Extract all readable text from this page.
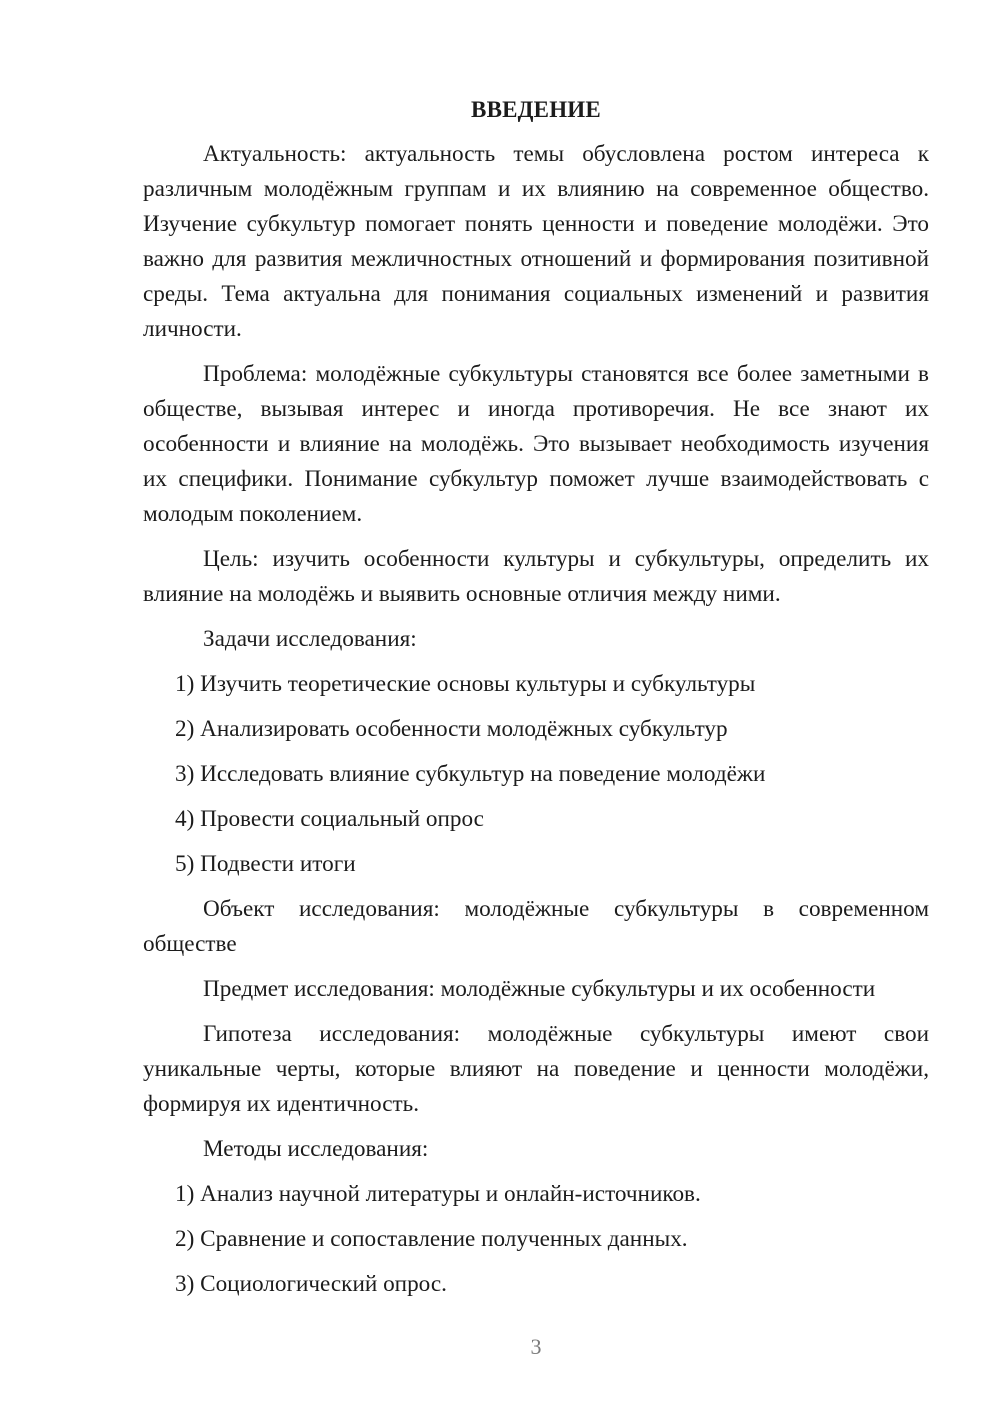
ВВЕДЕНИЕ
Актуальность: актуальность темы обусловлена ростом интереса к различным молодёжным группам и их влиянию на современное общество. Изучение субкультур помогает понять ценности и поведение молодёжи. Это важно для развития межличностных отношений и формирования позитивной среды. Тема актуальна для понимания социальных изменений и развития личности.
Проблема: молодёжные субкультуры становятся все более заметными в обществе, вызывая интерес и иногда противоречия. Не все знают их особенности и влияние на молодёжь. Это вызывает необходимость изучения их специфики. Понимание субкультур поможет лучше взаимодействовать с молодым поколением.
Цель: изучить особенности культуры и субкультуры, определить их влияние на молодёжь и выявить основные отличия между ними.
Задачи исследования:
1) Изучить теоретические основы культуры и субкультуры
2) Анализировать особенности молодёжных субкультур
3) Исследовать влияние субкультур на поведение молодёжи
4) Провести социальный опрос
5) Подвести итоги
Объект исследования: молодёжные субкультуры в современном обществе
Предмет исследования: молодёжные субкультуры и их особенности
Гипотеза исследования: молодёжные субкультуры имеют свои уникальные черты, которые влияют на поведение и ценности молодёжи, формируя их идентичность.
Методы исследования:
1) Анализ научной литературы и онлайн-источников.
2) Сравнение и сопоставление полученных данных.
3) Социологический опрос.
3
